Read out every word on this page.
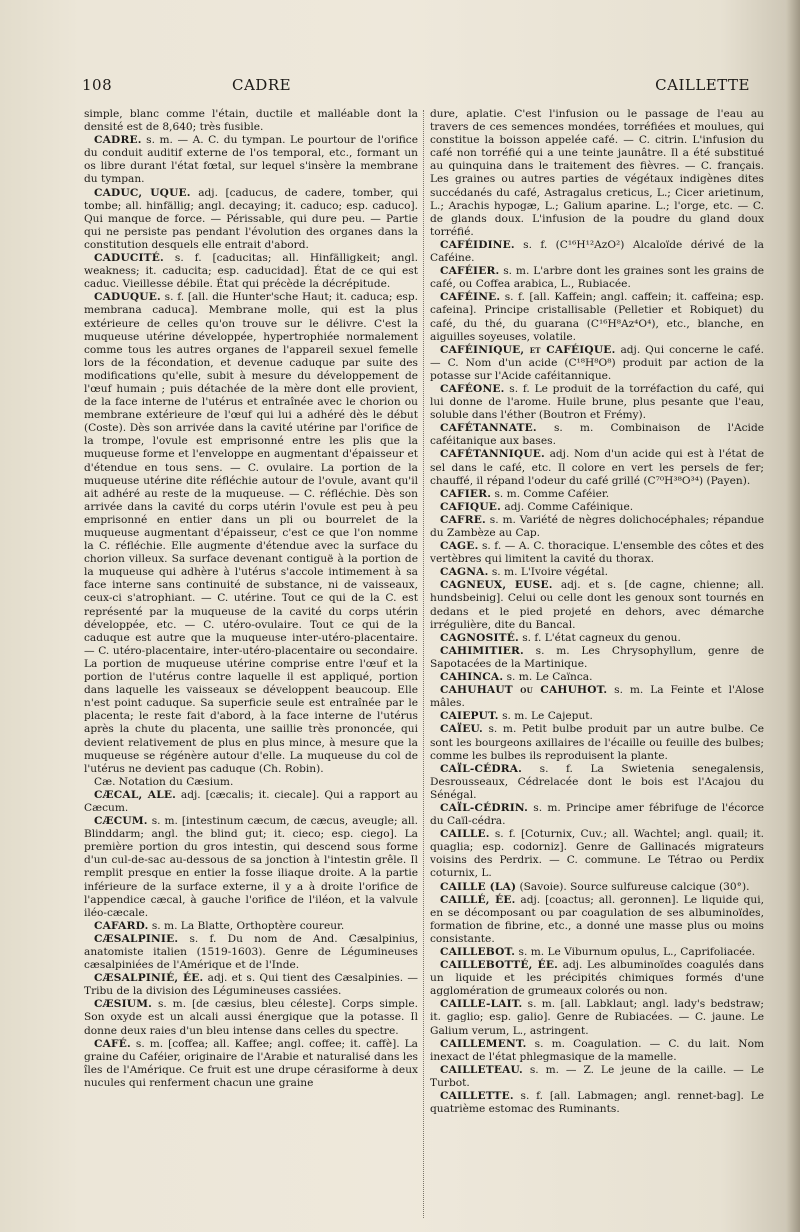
108	CADRE	CAILLETTE

simple, blanc comme l'étain, ductile et malléable dont la densité est de 8,640; très fusible.

CADRE. s. m. — A. C. du tympan. Le pourtour de l'orifice du conduit auditif externe de l'os temporal, etc., formant un os libre durant l'état fœtal, sur lequel s'insère la membrane du tympan.

CADUC, UQUE. adj. [caducus, de cadere, tomber, qui tombe; all. hinfällig; angl. decaying; it. caduco; esp. caduco]. Qui manque de force. — Périssable, qui dure peu. — Partie qui ne persiste pas pendant l'évolution des organes dans la constitution desquels elle entrait d'abord.

CADUCITÉ. s. f. [caducitas; all. Hinfälligkeit; angl. weakness; it. caducita; esp. caducidad]. État de ce qui est caduc. Vieillesse débile. État qui précède la décrépitude.

CADUQUE. s. f. [all. die Hunter'sche Haut; it. caduca; esp. membrana caduca]. Membrane molle, qui est la plus extérieure de celles qu'on trouve sur le délivre. C'est la muqueuse utérine développée, hypertrophiée normalement comme tous les autres organes de l'appareil sexuel femelle lors de la fécondation, et devenue caduque par suite des modifications qu'elle, subit à mesure du développement de l'œuf humain ; puis détachée de la mère dont elle provient, de la face interne de l'utérus et entraînée avec le chorion ou membrane extérieure de l'œuf qui lui a adhéré dès le début (Coste). Dès son arrivée dans la cavité utérine par l'orifice de la trompe, l'ovule est emprisonné entre les plis que la muqueuse forme et l'enveloppe en augmentant d'épaisseur et d'étendue en tous sens. — C. ovulaire. La portion de la muqueuse utérine dite réfléchie autour de l'ovule, avant qu'il ait adhéré au reste de la muqueuse. — C. réfléchie. Dès son arrivée dans la cavité du corps utérin l'ovule est peu à peu emprisonné en entier dans un pli ou bourrelet de la muqueuse augmentant d'épaisseur, c'est ce que l'on nomme la C. réfléchie. Elle augmente d'étendue avec la surface du chorion villeux. Sa surface devenant contiguë à la portion de la muqueuse qui adhère à l'utérus s'accole intimement à sa face interne sans continuité de substance, ni de vaisseaux, ceux-ci s'atrophiant. — C. utérine. Tout ce qui de la C. est représenté par la muqueuse de la cavité du corps utérin développée, etc. — C. utéro-ovulaire. Tout ce qui de la caduque est autre que la muqueuse inter-utéro-placentaire. — C. utéro-placentaire, inter-utéro-placentaire ou secondaire. La portion de muqueuse utérine comprise entre l'œuf et la portion de l'utérus contre laquelle il est appliqué, portion dans laquelle les vaisseaux se développent beaucoup. Elle n'est point caduque. Sa superficie seule est entraînée par le placenta; le reste fait d'abord, à la face interne de l'utérus après la chute du placenta, une saillie très prononcée, qui devient relativement de plus en plus mince, à mesure que la muqueuse se régénère autour d'elle. La muqueuse du col de l'utérus ne devient pas caduque (Ch. Robin).

Cæ. Notation du Cæsium.

CÆCAL, ALE. adj. [cæcalis; it. ciecale]. Qui a rapport au Cæcum.

CÆCUM. s. m. [intestinum cæcum, de cæcus, aveugle; all. Blinddarm; angl. the blind gut; it. cieco; esp. ciego]. La première portion du gros intestin, qui descend sous forme d'un cul-de-sac au-dessous de sa jonction à l'intestin grêle. Il remplit presque en entier la fosse iliaque droite. A la partie inférieure de la surface externe, il y a à droite l'orifice de l'appendice cæcal, à gauche l'orifice de l'iléon, et la valvule iléo-cæcale.

CAFARD. s. m. La Blatte, Orthoptère coureur.

CÆSALPINIE. s. f. Du nom de And. Cæsalpinius, anatomiste italien (1519-1603). Genre de Légumineuses cæsalpiniées de l'Amérique et de l'Inde.

CÆSALPINIÉ, ÉE. adj. et s. Qui tient des Cæsalpinies. — Tribu de la division des Légumineuses cassiées.

CÆSIUM. s. m. [de cæsius, bleu céleste]. Corps simple. Son oxyde est un alcali aussi énergique que la potasse. Il donne deux raies d'un bleu intense dans celles du spectre.

CAFÉ. s. m. [coffea; all. Kaffee; angl. coffee; it. caffè]. La graine du Caféier, originaire de l'Arabie et naturalisé dans les îles de l'Amérique. Ce fruit est une drupe cérasiforme à deux nucules qui renferment chacun une graine

dure, aplatie. C'est l'infusion ou le passage de l'eau au travers de ces semences mondées, torréfiées et moulues, qui constitue la boisson appelée café. — C. citrin. L'infusion du café non torréfié qui a une teinte jaunâtre. Il a été substitué au quinquina dans le traitement des fièvres. — C. français. Les graines ou autres parties de végétaux indigènes dites succédanés du café, Astragalus creticus, L.; Cicer arietinum, L.; Arachis hypogæ, L.; Galium aparine. L.; l'orge, etc. — C. de glands doux. L'infusion de la poudre du gland doux torréfié.

CAFÉIDINE. s. f. (C¹⁶H¹²AzO²) Alcaloïde dérivé de la Caféine.

CAFÉIER. s. m. L'arbre dont les graines sont les grains de café, ou Coffea arabica, L., Rubiacée.

CAFÉINE. s. f. [all. Kaffein; angl. caffein; it. caffeina; esp. cafeina]. Principe cristallisable (Pelletier et Robiquet) du café, du thé, du guarana (C¹⁶H⁸Az⁴O⁴), etc., blanche, en aiguilles soyeuses, volatile.

CAFÉINIQUE, et CAFÉIQUE. adj. Qui concerne le café. — C. Nom d'un acide (C¹⁸H⁸O⁸) produit par action de la potasse sur l'Acide caféitannique.

CAFÉONE. s. f. Le produit de la torréfaction du café, qui lui donne de l'arome. Huile brune, plus pesante que l'eau, soluble dans l'éther (Boutron et Frémy).

CAFÉTANNATE. s. m. Combinaison de l'Acide caféitanique aux bases.

CAFÉTANNIQUE. adj. Nom d'un acide qui est à l'état de sel dans le café, etc. Il colore en vert les persels de fer; chauffé, il répand l'odeur du café grillé (C⁷⁰H³⁸O³⁴) (Payen).

CAFIER. s. m. Comme Caféier.

CAFIQUE. adj. Comme Caféinique.

CAFRE. s. m. Variété de nègres dolichocéphales; répandue du Zambèze au Cap.

CAGE. s. f. — A. C. thoracique. L'ensemble des côtes et des vertèbres qui limitent la cavité du thorax.

CAGNA. s. m. L'Ivoire végétal.

CAGNEUX, EUSE. adj. et s. [de cagne, chienne; all. hundsbeinig]. Celui ou celle dont les genoux sont tournés en dedans et le pied projeté en dehors, avec démarche irrégulière, dite du Bancal.

CAGNOSITÉ. s. f. L'état cagneux du genou.

CAHIMITIER. s. m. Les Chrysophyllum, genre de Sapotacées de la Martinique.

CAHINCA. s. m. Le Caïnca.

CAHUHAUT ou CAHUHOT. s. m. La Feinte et l'Alose mâles.

CAIEPUT. s. m. Le Cajeput.

CAÏEU. s. m. Petit bulbe produit par un autre bulbe. Ce sont les bourgeons axillaires de l'écaille ou feuille des bulbes; comme les bulbes ils reproduisent la plante.

CAÏL-CÉDRA. s. f. La Swietenia senegalensis, Desrousseaux, Cédrelacée dont le bois est l'Acajou du Sénégal.

CAÏL-CÉDRIN. s. m. Principe amer fébrifuge de l'écorce du Caïl-cédra.

CAILLE. s. f. [Coturnix, Cuv.; all. Wachtel; angl. quail; it. quaglia; esp. codorniz]. Genre de Gallinacés migrateurs voisins des Perdrix. — C. commune. Le Tétrao ou Perdix coturnix, L.

CAILLE (LA) (Savoie). Source sulfureuse calcique (30°).

CAILLÉ, ÉE. adj. [coactus; all. geronnen]. Le liquide qui, en se décomposant ou par coagulation de ses albuminoïdes, formation de fibrine, etc., a donné une masse plus ou moins consistante.

CAILLEBOT. s. m. Le Viburnum opulus, L., Caprifoliacée.

CAILLEBOTTÉ, ÉE. adj. Les albuminoïdes coagulés dans un liquide et les précipités chimiques formés d'une agglomération de grumeaux colorés ou non.

CAILLE-LAIT. s. m. [all. Labklaut; angl. lady's bedstraw; it. gaglio; esp. galio]. Genre de Rubiacées. — C. jaune. Le Galium verum, L., astringent.

CAILLEMENT. s. m. Coagulation. — C. du lait. Nom inexact de l'état phlegmasique de la mamelle.

CAILLETEAU. s. m. — Z. Le jeune de la caille. — Le Turbot.

CAILLETTE. s. f. [all. Labmagen; angl. rennet-bag]. Le quatrième estomac des Ruminants.
